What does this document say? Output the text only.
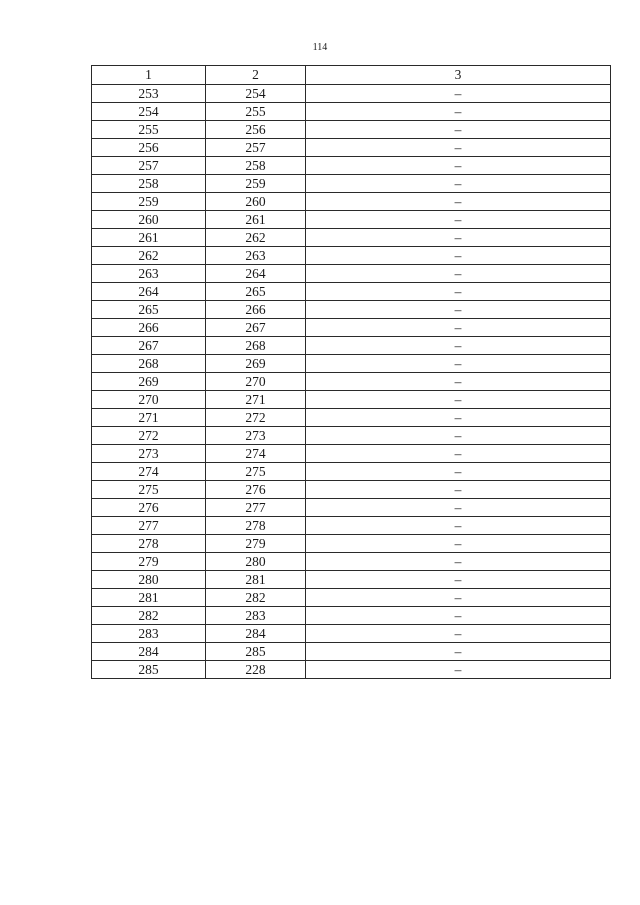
114
1	2	3
253	254	–
254	255	–
255	256	–
256	257	–
257	258	–
258	259	–
259	260	–
260	261	–
261	262	–
262	263	–
263	264	–
264	265	–
265	266	–
266	267	–
267	268	–
268	269	–
269	270	–
270	271	–
271	272	–
272	273	–
273	274	–
274	275	–
275	276	–
276	277	–
277	278	–
278	279	–
279	280	–
280	281	–
281	282	–
282	283	–
283	284	–
284	285	–
285	228	–
